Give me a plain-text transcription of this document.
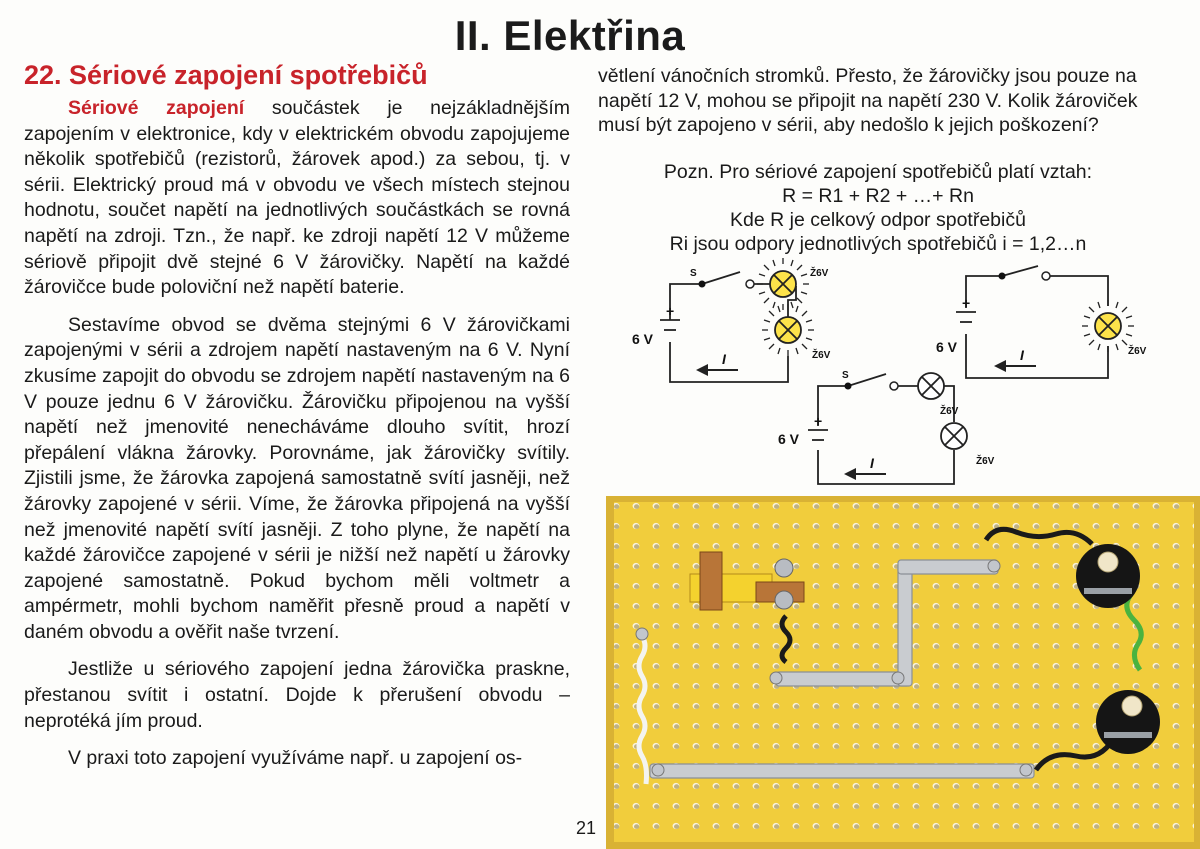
II. Elektřina
22. Sériové zapojení spotřebičů

Sériové zapojení součástek je nejzákladnějším zapojením v elektronice, kdy v elektrickém obvodu zapojujeme několik spotřebičů (rezistorů, žárovek apod.) za sebou, tj. v sérii. Elektrický proud má v obvodu ve všech místech stejnou hodnotu, součet napětí na jednotlivých součástkách se rovná napětí na zdroji. Tzn., že např. ke zdroji napětí 12 V můžeme sériově připojit dvě stejné 6 V žárovičky. Napětí na každé žárovičce bude poloviční než napětí baterie.

Sestavíme obvod se dvěma stejnými 6 V žárovičkami zapojenými v sérii a zdrojem napětí nastaveným na 6 V. Nyní zkusíme zapojit do obvodu se zdrojem napětí nastaveným na 6 V pouze jednu 6 V žárovičku. Žárovičku připojenou na vyšší napětí než jmenovité nenecháváme dlouho svítit, hrozí přepálení vlákna žárovky. Porovnáme, jak žárovičky svítily. Zjistili jsme, že žárovka zapojená samostatně svítí jasněji, než žárovky zapojené v sérii. Víme, že žárovka připojená na vyšší než jmenovité napětí svítí jasněji. Z toho plyne, že napětí na každé žárovičce zapojené v sérii je nižší než napětí u žárovky zapojené samostatně. Pokud bychom měli voltmetr a ampérmetr, mohli bychom naměřit přesně proud a napětí v daném obvodu a ověřit naše tvrzení.

Jestliže u sériového zapojení jedna žárovička praskne, přestanou svítit i ostatní. Dojde k přerušení obvodu – neprotéká jím proud.

V praxi toto zapojení využíváme např. u zapojení os-

větlení vánočních stromků. Přesto, že žárovičky jsou pouze na napětí 12 V, mohou se připojit na napětí 230 V. Kolik žároviček musí být zapojeno v sérii, aby nedošlo k jejich poškození?

Pozn. Pro sériové zapojení spotřebičů platí vztah:
R = R1 + R2 + …+ Rn
Kde R je celkový odpor spotřebičů
Ri jsou odpory jednotlivých spotřebičů i = 1,2…n
S
6 V
+
Ž6V
Ž6V
I
6 V
+
Ž6V
I
S
6 V
+
Ž6V
Ž6V
I
21
